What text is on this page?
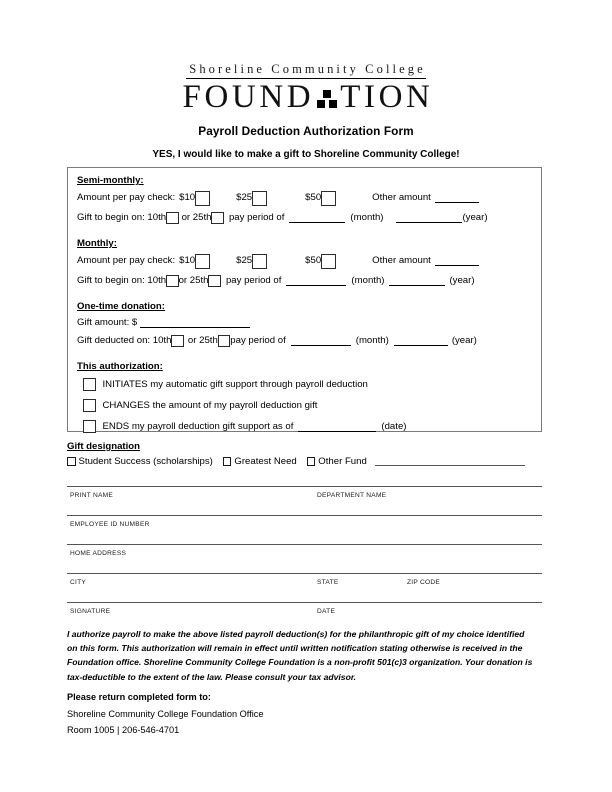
Shoreline Community College
FOUND TION
Payroll Deduction Authorization Form
YES, I would like to make a gift to Shoreline Community College!
Semi-monthly:
Amount per pay check: $10	$25	$50	Other amount
Gift to begin on: 10th or 25th pay period of	(month)	(year)
Monthly:
Amount per pay check: $10	$25	$50	Other amount
Gift to begin on: 10th or 25th pay period of	(month)	(year)
One-time donation:
Gift amount: $
Gift deducted on: 10th or 25th pay period of	(month)	(year)
This authorization:
INITIATES my automatic gift support through payroll deduction
CHANGES the amount of my payroll deduction gift
ENDS my payroll deduction gift support as of	(date)
Gift designation
Student Success (scholarships) Greatest Need Other Fund
PRINT NAME	DEPARTMENT NAME
EMPLOYEE ID NUMBER
HOME ADDRESS
CITY	STATE	ZIP CODE
SIGNATURE	DATE
I authorize payroll to make the above listed payroll deduction(s) for the philanthropic gift of my choice identified on this form. This authorization will remain in effect until written notification stating otherwise is received in the Foundation office. Shoreline Community College Foundation is a non-profit 501(c)3 organization. Your donation is tax-deductible to the extent of the law. Please consult your tax advisor.
Please return completed form to:
Shoreline Community College Foundation Office
Room 1005 | 206-546-4701
